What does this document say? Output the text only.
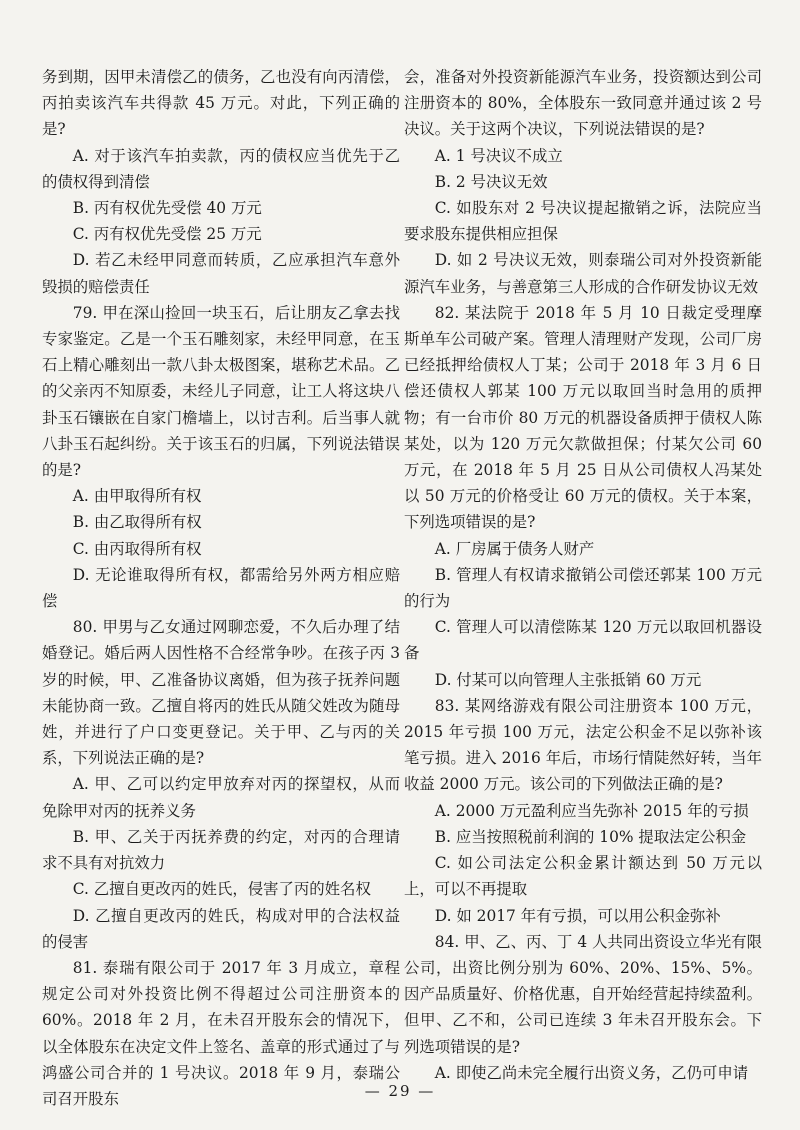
务到期，因甲未清偿乙的债务，乙也没有向丙清偿，丙拍卖该汽车共得款 45 万元。对此，下列正确的是?

A. 对于该汽车拍卖款，丙的债权应当优先于乙的债权得到清偿

B. 丙有权优先受偿 40 万元

C. 丙有权优先受偿 25 万元

D. 若乙未经甲同意而转质，乙应承担汽车意外毁损的赔偿责任

79. 甲在深山捡回一块玉石，后让朋友乙拿去找专家鉴定。乙是一个玉石雕刻家，未经甲同意，在玉石上精心雕刻出一款八卦太极图案，堪称艺术品。乙的父亲丙不知原委，未经儿子同意，让工人将这块八卦玉石镶嵌在自家门檐墙上，以讨吉利。后当事人就八卦玉石起纠纷。关于该玉石的归属，下列说法错误的是?

A. 由甲取得所有权

B. 由乙取得所有权

C. 由丙取得所有权

D. 无论谁取得所有权，都需给另外两方相应赔偿

80. 甲男与乙女通过网聊恋爱，不久后办理了结婚登记。婚后两人因性格不合经常争吵。在孩子丙 3 岁的时候，甲、乙准备协议离婚，但为孩子抚养问题未能协商一致。乙擅自将丙的姓氏从随父姓改为随母姓，并进行了户口变更登记。关于甲、乙与丙的关系，下列说法正确的是?

A. 甲、乙可以约定甲放弃对丙的探望权，从而免除甲对丙的抚养义务

B. 甲、乙关于丙抚养费的约定，对丙的合理请求不具有对抗效力

C. 乙擅自更改丙的姓氏，侵害了丙的姓名权

D. 乙擅自更改丙的姓氏，构成对甲的合法权益的侵害

81. 泰瑞有限公司于 2017 年 3 月成立，章程规定公司对外投资比例不得超过公司注册资本的 60%。2018 年 2 月，在未召开股东会的情况下，以全体股东在决定文件上签名、盖章的形式通过了与鸿盛公司合并的 1 号决议。2018 年 9 月，泰瑞公司召开股东

会，准备对外投资新能源汽车业务，投资额达到公司注册资本的 80%，全体股东一致同意并通过该 2 号决议。关于这两个决议，下列说法错误的是?

A. 1 号决议不成立

B. 2 号决议无效

C. 如股东对 2 号决议提起撤销之诉，法院应当要求股东提供相应担保

D. 如 2 号决议无效，则泰瑞公司对外投资新能源汽车业务，与善意第三人形成的合作研发协议无效

82. 某法院于 2018 年 5 月 10 日裁定受理摩斯单车公司破产案。管理人清理财产发现，公司厂房已经抵押给债权人丁某；公司于 2018 年 3 月 6 日偿还债权人郭某 100 万元以取回当时急用的质押物；有一台市价 80 万元的机器设备质押于债权人陈某处，以为 120 万元欠款做担保；付某欠公司 60 万元，在 2018 年 5 月 25 日从公司债权人冯某处以 50 万元的价格受让 60 万元的债权。关于本案，下列选项错误的是?

A. 厂房属于债务人财产

B. 管理人有权请求撤销公司偿还郭某 100 万元的行为

C. 管理人可以清偿陈某 120 万元以取回机器设备

D. 付某可以向管理人主张抵销 60 万元

83. 某网络游戏有限公司注册资本 100 万元，2015 年亏损 100 万元，法定公积金不足以弥补该笔亏损。进入 2016 年后，市场行情陡然好转，当年收益 2000 万元。该公司的下列做法正确的是?

A. 2000 万元盈利应当先弥补 2015 年的亏损

B. 应当按照税前利润的 10% 提取法定公积金

C. 如公司法定公积金累计额达到 50 万元以上，可以不再提取

D. 如 2017 年有亏损，可以用公积金弥补

84. 甲、乙、丙、丁 4 人共同出资设立华光有限公司，出资比例分别为 60%、20%、15%、5%。因产品质量好、价格优惠，自开始经营起持续盈利。但甲、乙不和，公司已连续 3 年未召开股东会。下列选项错误的是?

A. 即使乙尚未完全履行出资义务，乙仍可申请

— 29 —
